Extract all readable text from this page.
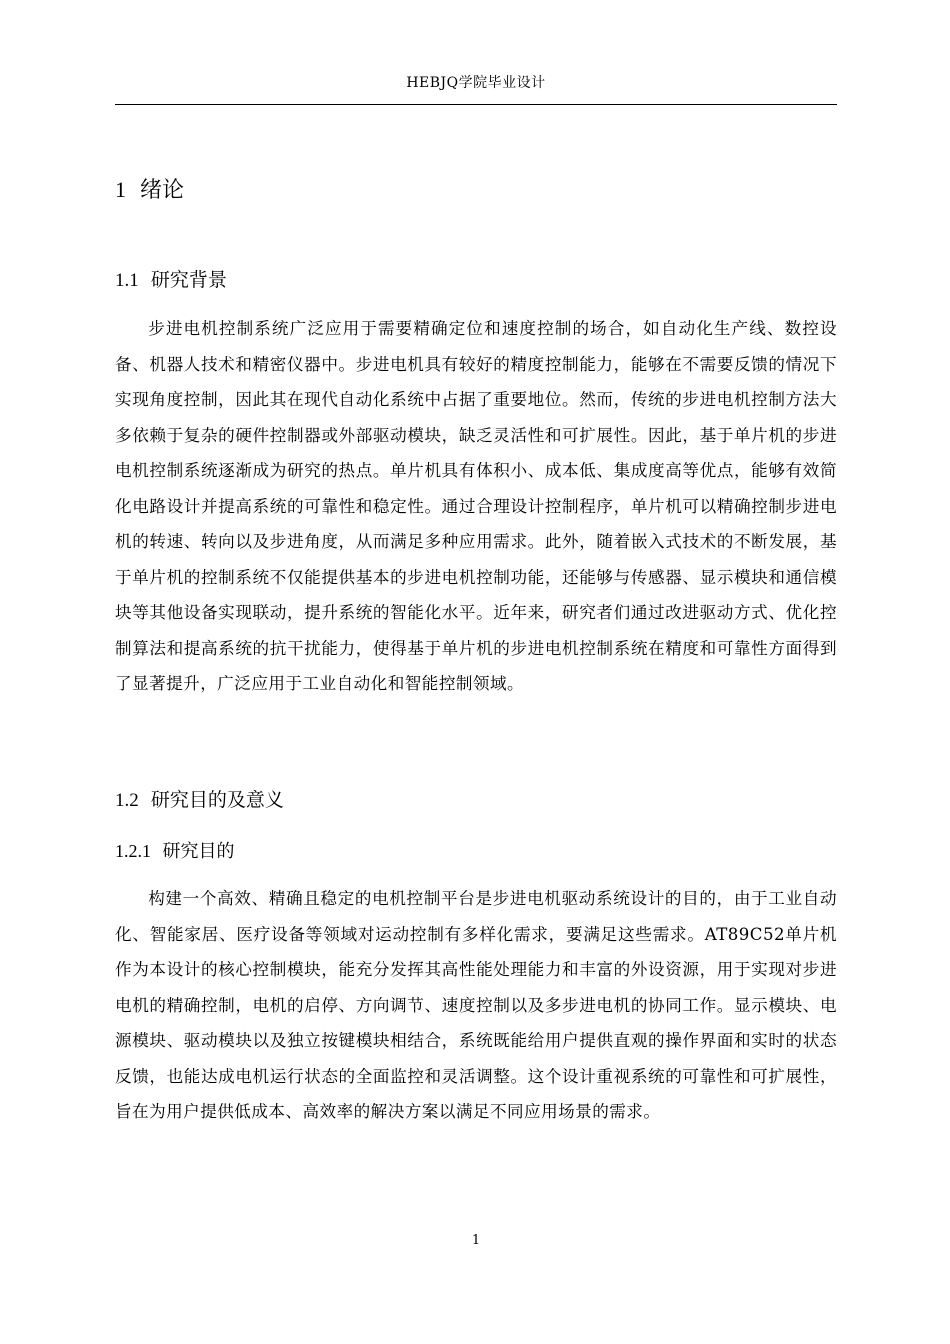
HEBJQ学院毕业设计
1 绪论
1.1 研究背景

步进电机控制系统广泛应用于需要精确定位和速度控制的场合，如自动化生产线、数控设备、机器人技术和精密仪器中。步进电机具有较好的精度控制能力，能够在不需要反馈的情况下实现角度控制，因此其在现代自动化系统中占据了重要地位。然而，传统的步进电机控制方法大多依赖于复杂的硬件控制器或外部驱动模块，缺乏灵活性和可扩展性。因此，基于单片机的步进电机控制系统逐渐成为研究的热点。单片机具有体积小、成本低、集成度高等优点，能够有效简化电路设计并提高系统的可靠性和稳定性。通过合理设计控制程序，单片机可以精确控制步进电机的转速、转向以及步进角度，从而满足多种应用需求。此外，随着嵌入式技术的不断发展，基于单片机的控制系统不仅能提供基本的步进电机控制功能，还能够与传感器、显示模块和通信模块等其他设备实现联动，提升系统的智能化水平。近年来，研究者们通过改进驱动方式、优化控制算法和提高系统的抗干扰能力，使得基于单片机的步进电机控制系统在精度和可靠性方面得到了显著提升，广泛应用于工业自动化和智能控制领域。

1.2 研究目的及意义
1.2.1 研究目的

构建一个高效、精确且稳定的电机控制平台是步进电机驱动系统设计的目的，由于工业自动化、智能家居、医疗设备等领域对运动控制有多样化需求，要满足这些需求。AT89C52单片机作为本设计的核心控制模块，能充分发挥其高性能处理能力和丰富的外设资源，用于实现对步进电机的精确控制，电机的启停、方向调节、速度控制以及多步进电机的协同工作。显示模块、电源模块、驱动模块以及独立按键模块相结合，系统既能给用户提供直观的操作界面和实时的状态反馈，也能达成电机运行状态的全面监控和灵活调整。这个设计重视系统的可靠性和可扩展性，旨在为用户提供低成本、高效率的解决方案以满足不同应用场景的需求。

1
